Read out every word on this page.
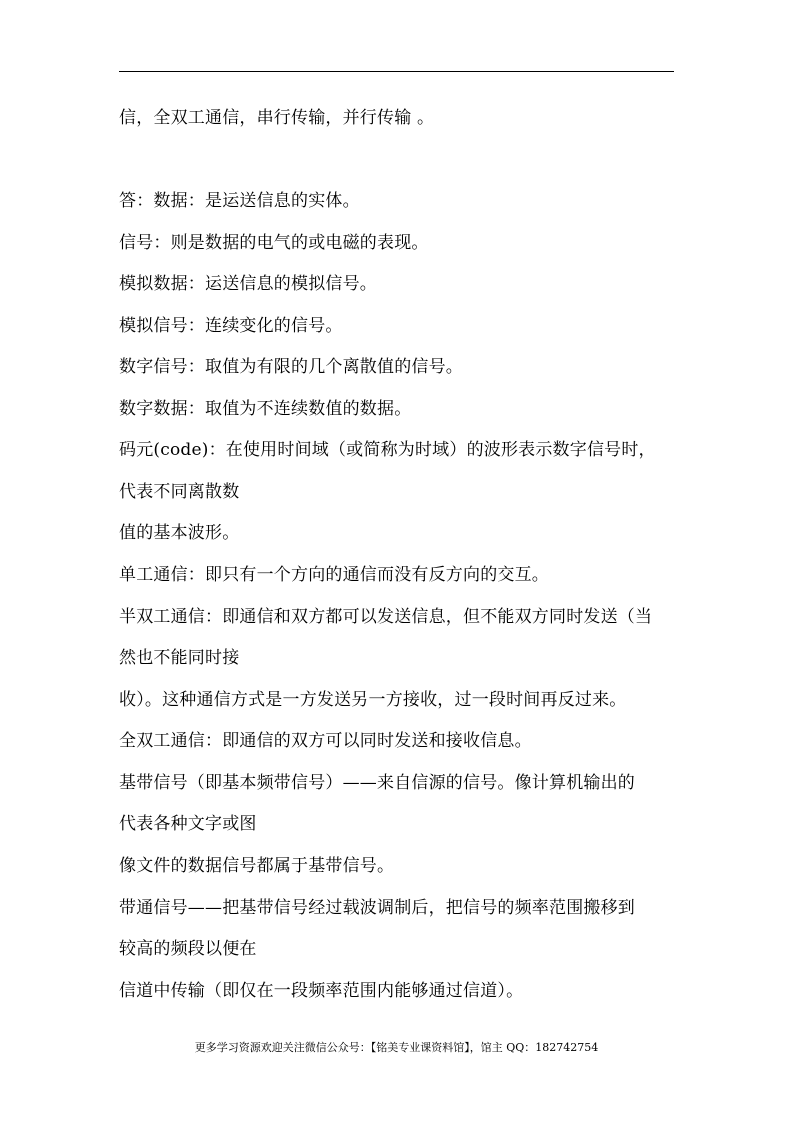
信，全双工通信，串行传输，并行传输 。
答：数据：是运送信息的实体。
信号：则是数据的电气的或电磁的表现。
模拟数据：运送信息的模拟信号。
模拟信号：连续变化的信号。
数字信号：取值为有限的几个离散值的信号。
数字数据：取值为不连续数值的数据。
码元(code)：在使用时间域（或简称为时域）的波形表示数字信号时，
代表不同离散数
值的基本波形。
单工通信：即只有一个方向的通信而没有反方向的交互。
半双工通信：即通信和双方都可以发送信息，但不能双方同时发送（当
然也不能同时接
收）。这种通信方式是一方发送另一方接收，过一段时间再反过来。
全双工通信：即通信的双方可以同时发送和接收信息。
基带信号（即基本频带信号）——来自信源的信号。像计算机输出的
代表各种文字或图
像文件的数据信号都属于基带信号。
带通信号——把基带信号经过载波调制后，把信号的频率范围搬移到
较高的频段以便在
信道中传输（即仅在一段频率范围内能够通过信道）。
更多学习资源欢迎关注微信公众号：【铭美专业课资料馆】，馆主 QQ：182742754
